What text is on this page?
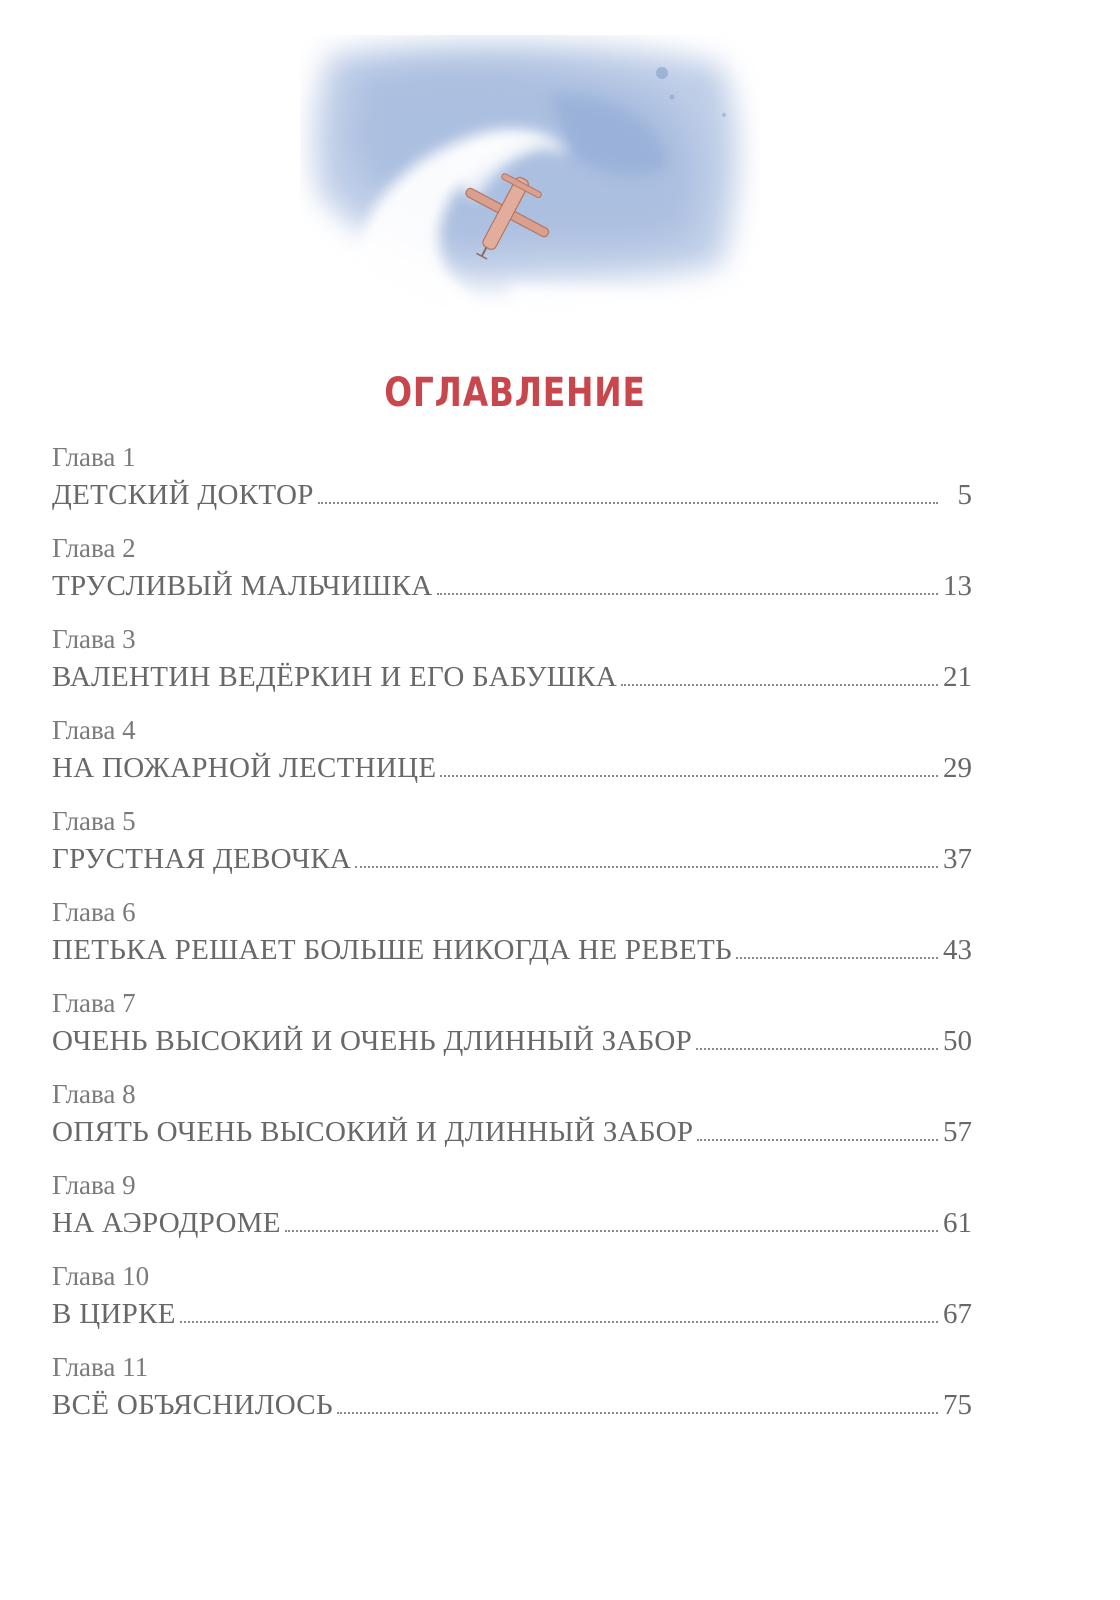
ОГЛАВЛЕНИЕ
Глава 1
ДЕТСКИЙ ДОКТОР	5
Глава 2
ТРУСЛИВЫЙ МАЛЬЧИШКА	13
Глава 3
ВАЛЕНТИН ВЕДЁРКИН И ЕГО БАБУШКА	21
Глава 4
НА ПОЖАРНОЙ ЛЕСТНИЦЕ	29
Глава 5
ГРУСТНАЯ ДЕВОЧКА	37
Глава 6
ПЕТЬКА РЕШАЕТ БОЛЬШЕ НИКОГДА НЕ РЕВЕТЬ	43
Глава 7
ОЧЕНЬ ВЫСОКИЙ И ОЧЕНЬ ДЛИННЫЙ ЗАБОР	50
Глава 8
ОПЯТЬ ОЧЕНЬ ВЫСОКИЙ И ДЛИННЫЙ ЗАБОР	57
Глава 9
НА АЭРОДРОМЕ	61
Глава 10
В ЦИРКЕ	67
Глава 11
ВСЁ ОБЪЯСНИЛОСЬ	75
